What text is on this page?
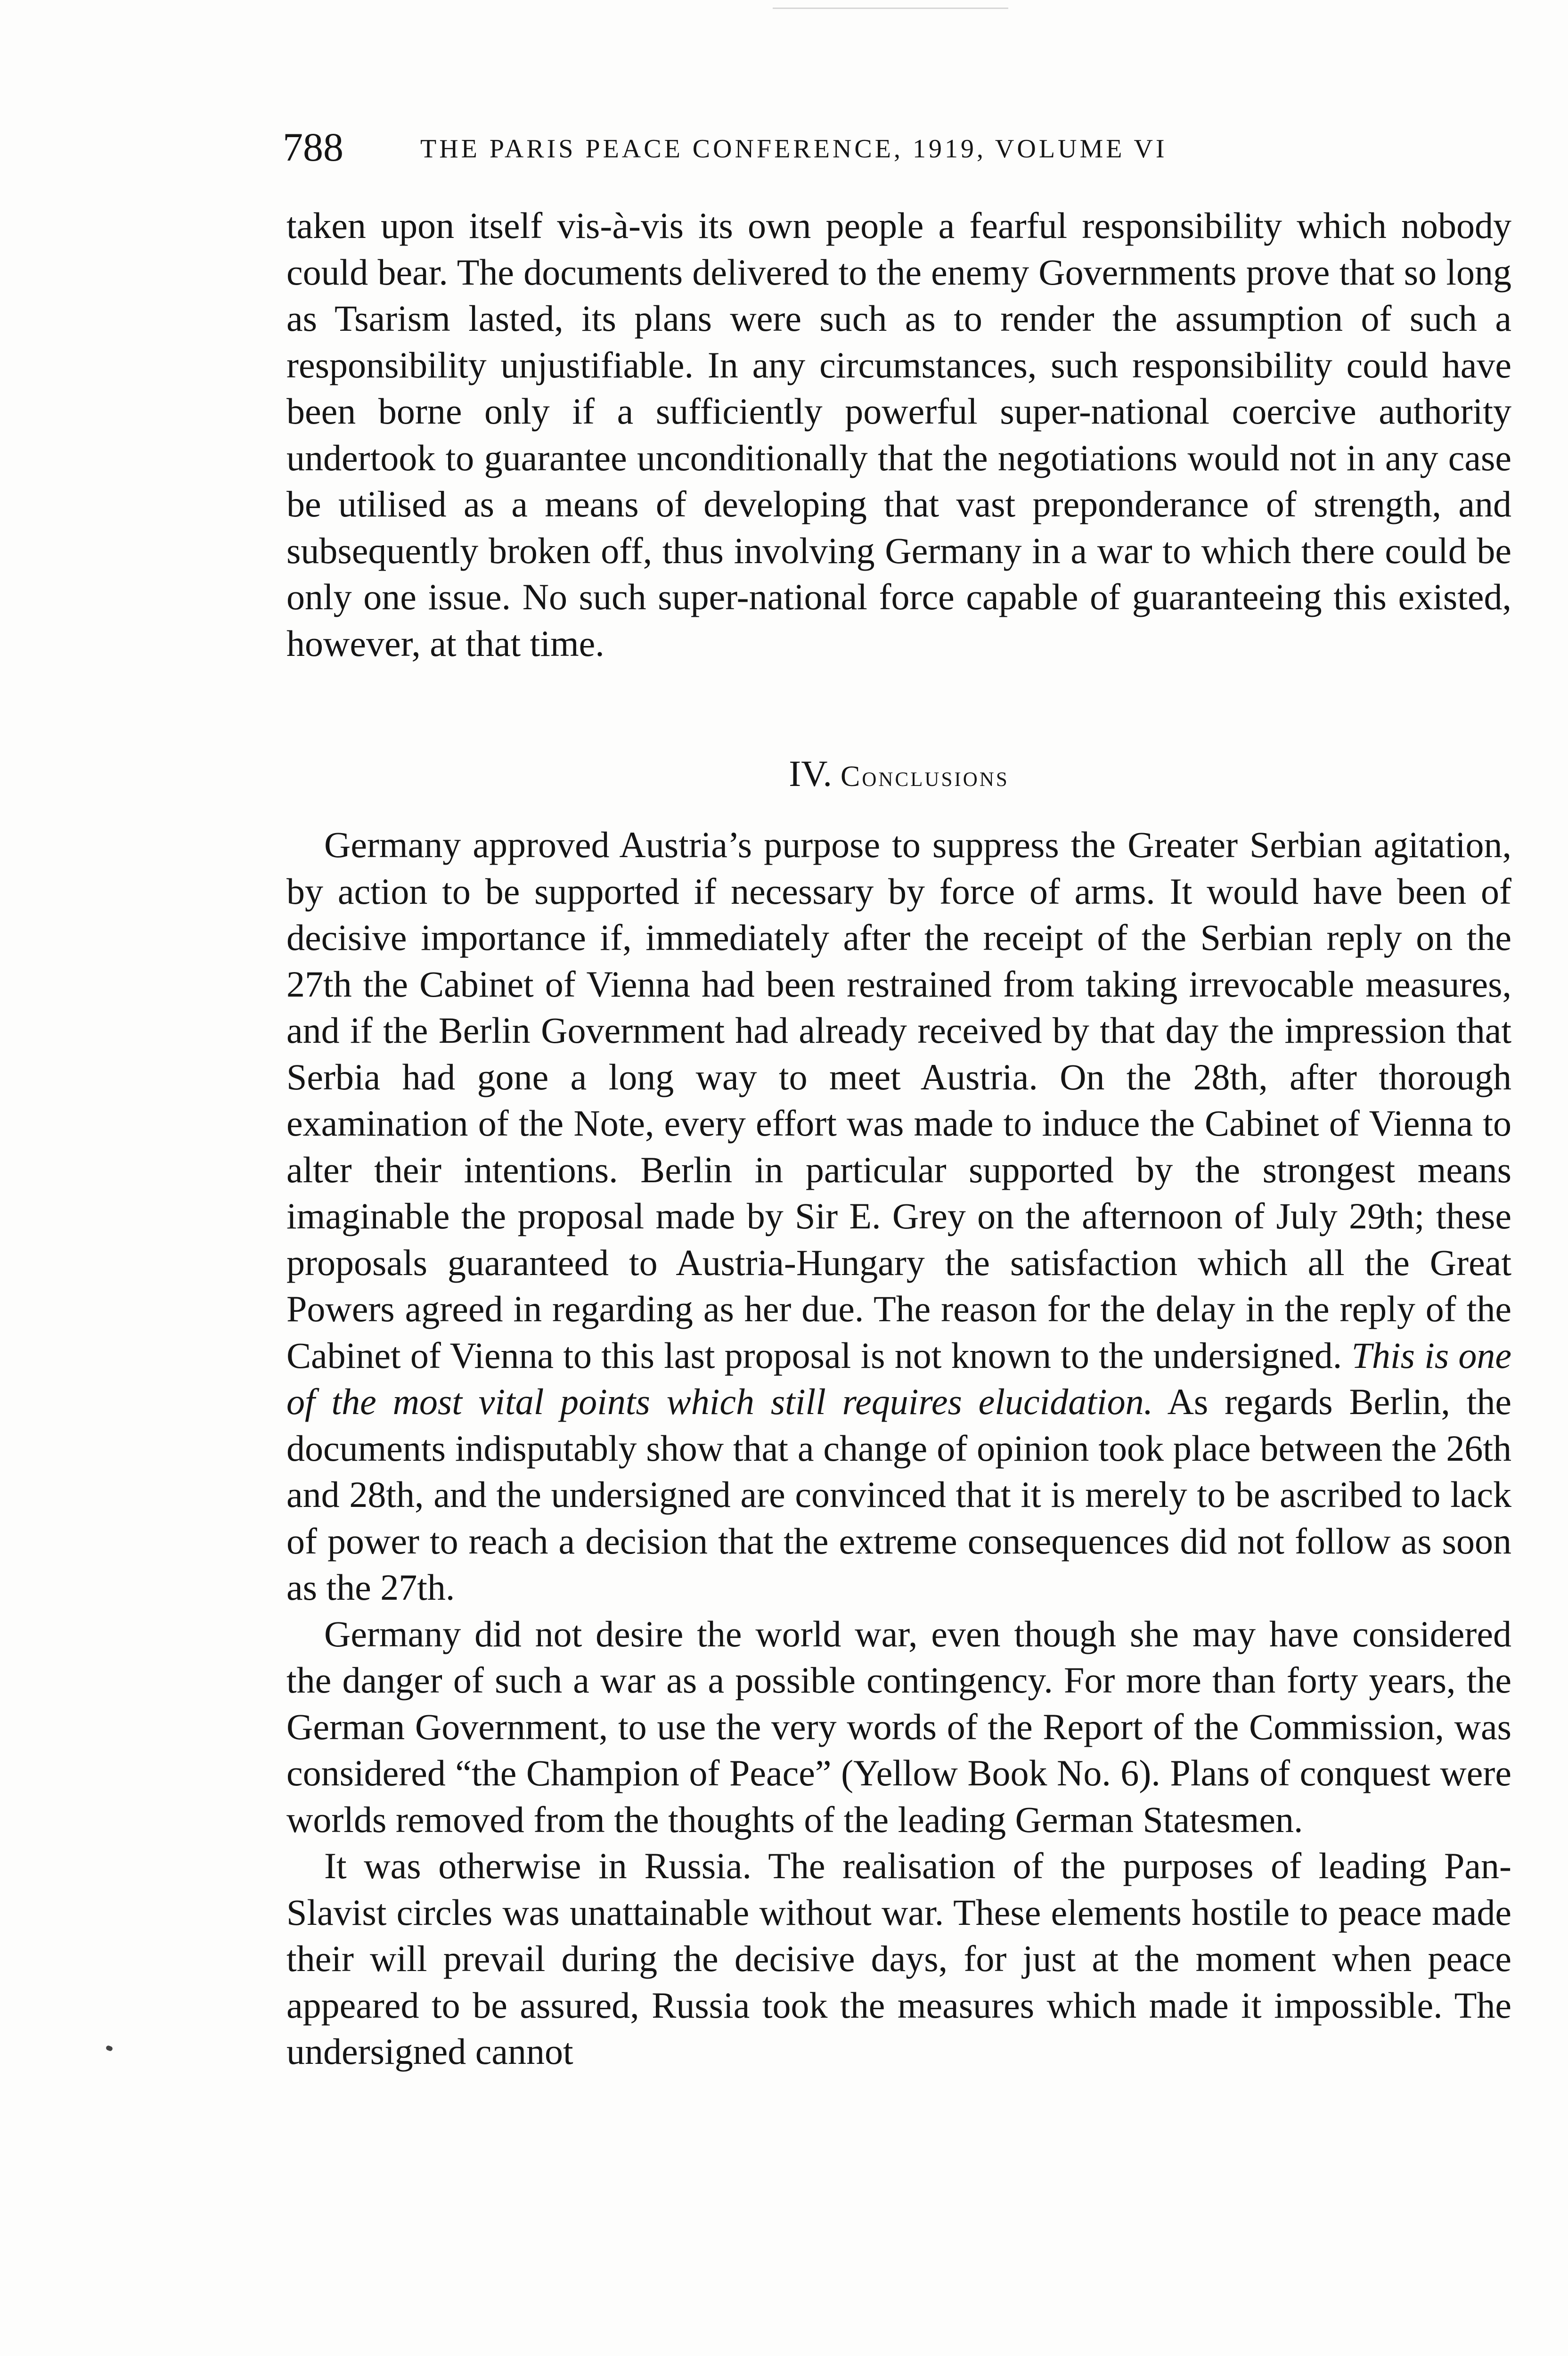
788	THE PARIS PEACE CONFERENCE, 1919, VOLUME VI

taken upon itself vis-à-vis its own people a fearful responsibility which nobody could bear. The documents delivered to the enemy Governments prove that so long as Tsarism lasted, its plans were such as to render the assumption of such a responsibility unjustifiable. In any circumstances, such responsibility could have been borne only if a sufficiently powerful super-national coercive authority undertook to guarantee unconditionally that the negotiations would not in any case be utilised as a means of developing that vast preponderance of strength, and subsequently broken off, thus involving Germany in a war to which there could be only one issue. No such super-national force capable of guaranteeing this existed, however, at that time.

IV. Conclusions

Germany approved Austria’s purpose to suppress the Greater Serbian agitation, by action to be supported if necessary by force of arms. It would have been of decisive importance if, immediately after the receipt of the Serbian reply on the 27th the Cabinet of Vienna had been restrained from taking irrevocable measures, and if the Berlin Government had already received by that day the impression that Serbia had gone a long way to meet Austria. On the 28th, after thorough examination of the Note, every effort was made to induce the Cabinet of Vienna to alter their intentions. Berlin in particular supported by the strongest means imaginable the proposal made by Sir E. Grey on the afternoon of July 29th; these proposals guaranteed to Austria-Hungary the satisfaction which all the Great Powers agreed in regarding as her due. The reason for the delay in the reply of the Cabinet of Vienna to this last proposal is not known to the undersigned. This is one of the most vital points which still requires elucidation. As regards Berlin, the documents indisputably show that a change of opinion took place between the 26th and 28th, and the undersigned are convinced that it is merely to be ascribed to lack of power to reach a decision that the extreme consequences did not follow as soon as the 27th.

Germany did not desire the world war, even though she may have considered the danger of such a war as a possible contingency. For more than forty years, the German Government, to use the very words of the Report of the Commission, was considered “the Champion of Peace” (Yellow Book No. 6). Plans of conquest were worlds removed from the thoughts of the leading German Statesmen.

It was otherwise in Russia. The realisation of the purposes of leading Pan-Slavist circles was unattainable without war. These elements hostile to peace made their will prevail during the decisive days, for just at the moment when peace appeared to be assured, Russia took the measures which made it impossible. The undersigned cannot
